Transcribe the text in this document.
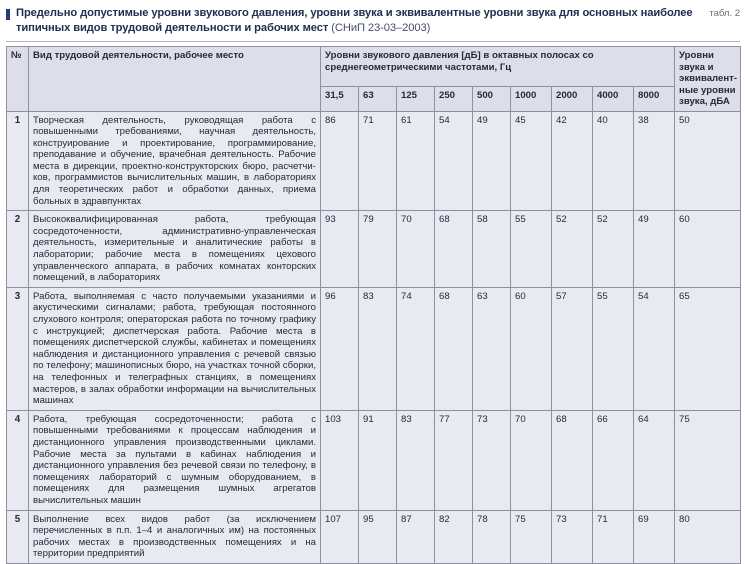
Предельно допустимые уровни звукового давления, уровни звука и эквивалентные уровни звука для основных наиболее типичных видов трудовой деятельности и рабочих мест (СНиП 23-03–2003)
табл. 2
№	Вид трудовой деятельности, рабочее место	Уровни звукового давления [дБ] в октавных полосах со среднегеометрическими частотами, Гц									Уровни звука и эквивалентные уровни звука, дБА
		31,5	63	125	250	500	1000	2000	4000	8000	
1	Творческая деятельность, руководящая работа с повышенными требованиями, научная деятельность, конструирование и проектирование, программирование, преподавание и обучение, врачебная деятельность. Рабочие места в дирекции, проектно-конструкторских бюро, расчетчиков, программистов вычислительных машин, в лабораториях для теоретических работ и обработки данных, приема больных в здравпунктах	86	71	61	54	49	45	42	40	38	50
2	Высококвалифицированная работа, требующая сосредоточенности, административно-управленческая деятельность, измерительные и аналитические работы в лаборатории; рабочие места в помещениях цехового управленческого аппарата, в рабочих комнатах конторских помещений, в лабораториях	93	79	70	68	58	55	52	52	49	60
3	Работа, выполняемая с часто получаемыми указаниями и акустическими сигналами; работа, требующая постоянного слухового контроля; операторская работа по точному графику с инструкцией; диспетчерская работа. Рабочие места в помещениях диспетчерской службы, кабинетах и помещениях наблюдения и дистанционного управления с речевой связью по телефону; машинописных бюро, на участках точной сборки, на телефонных и телеграфных станциях, в помещениях мастеров, в залах обработки информации на вычислительных машинах	96	83	74	68	63	60	57	55	54	65
4	Работа, требующая сосредоточенности; работа с повышенными требованиями к процессам наблюдения и дистанционного управления производственными циклами. Рабочие места за пультами в кабинах наблюдения и дистанционного управления без речевой связи по телефону, в помещениях лабораторий с шумным оборудованием, в помещениях для размещения шумных агрегатов вычислительных машин	103	91	83	77	73	70	68	66	64	75
5	Выполнение всех видов работ (за исключением перечисленных в п.п. 1–4 и аналогичных им) на постоянных рабочих местах в производственных помещениях и на территории предприятий	107	95	87	82	78	75	73	71	69	80
